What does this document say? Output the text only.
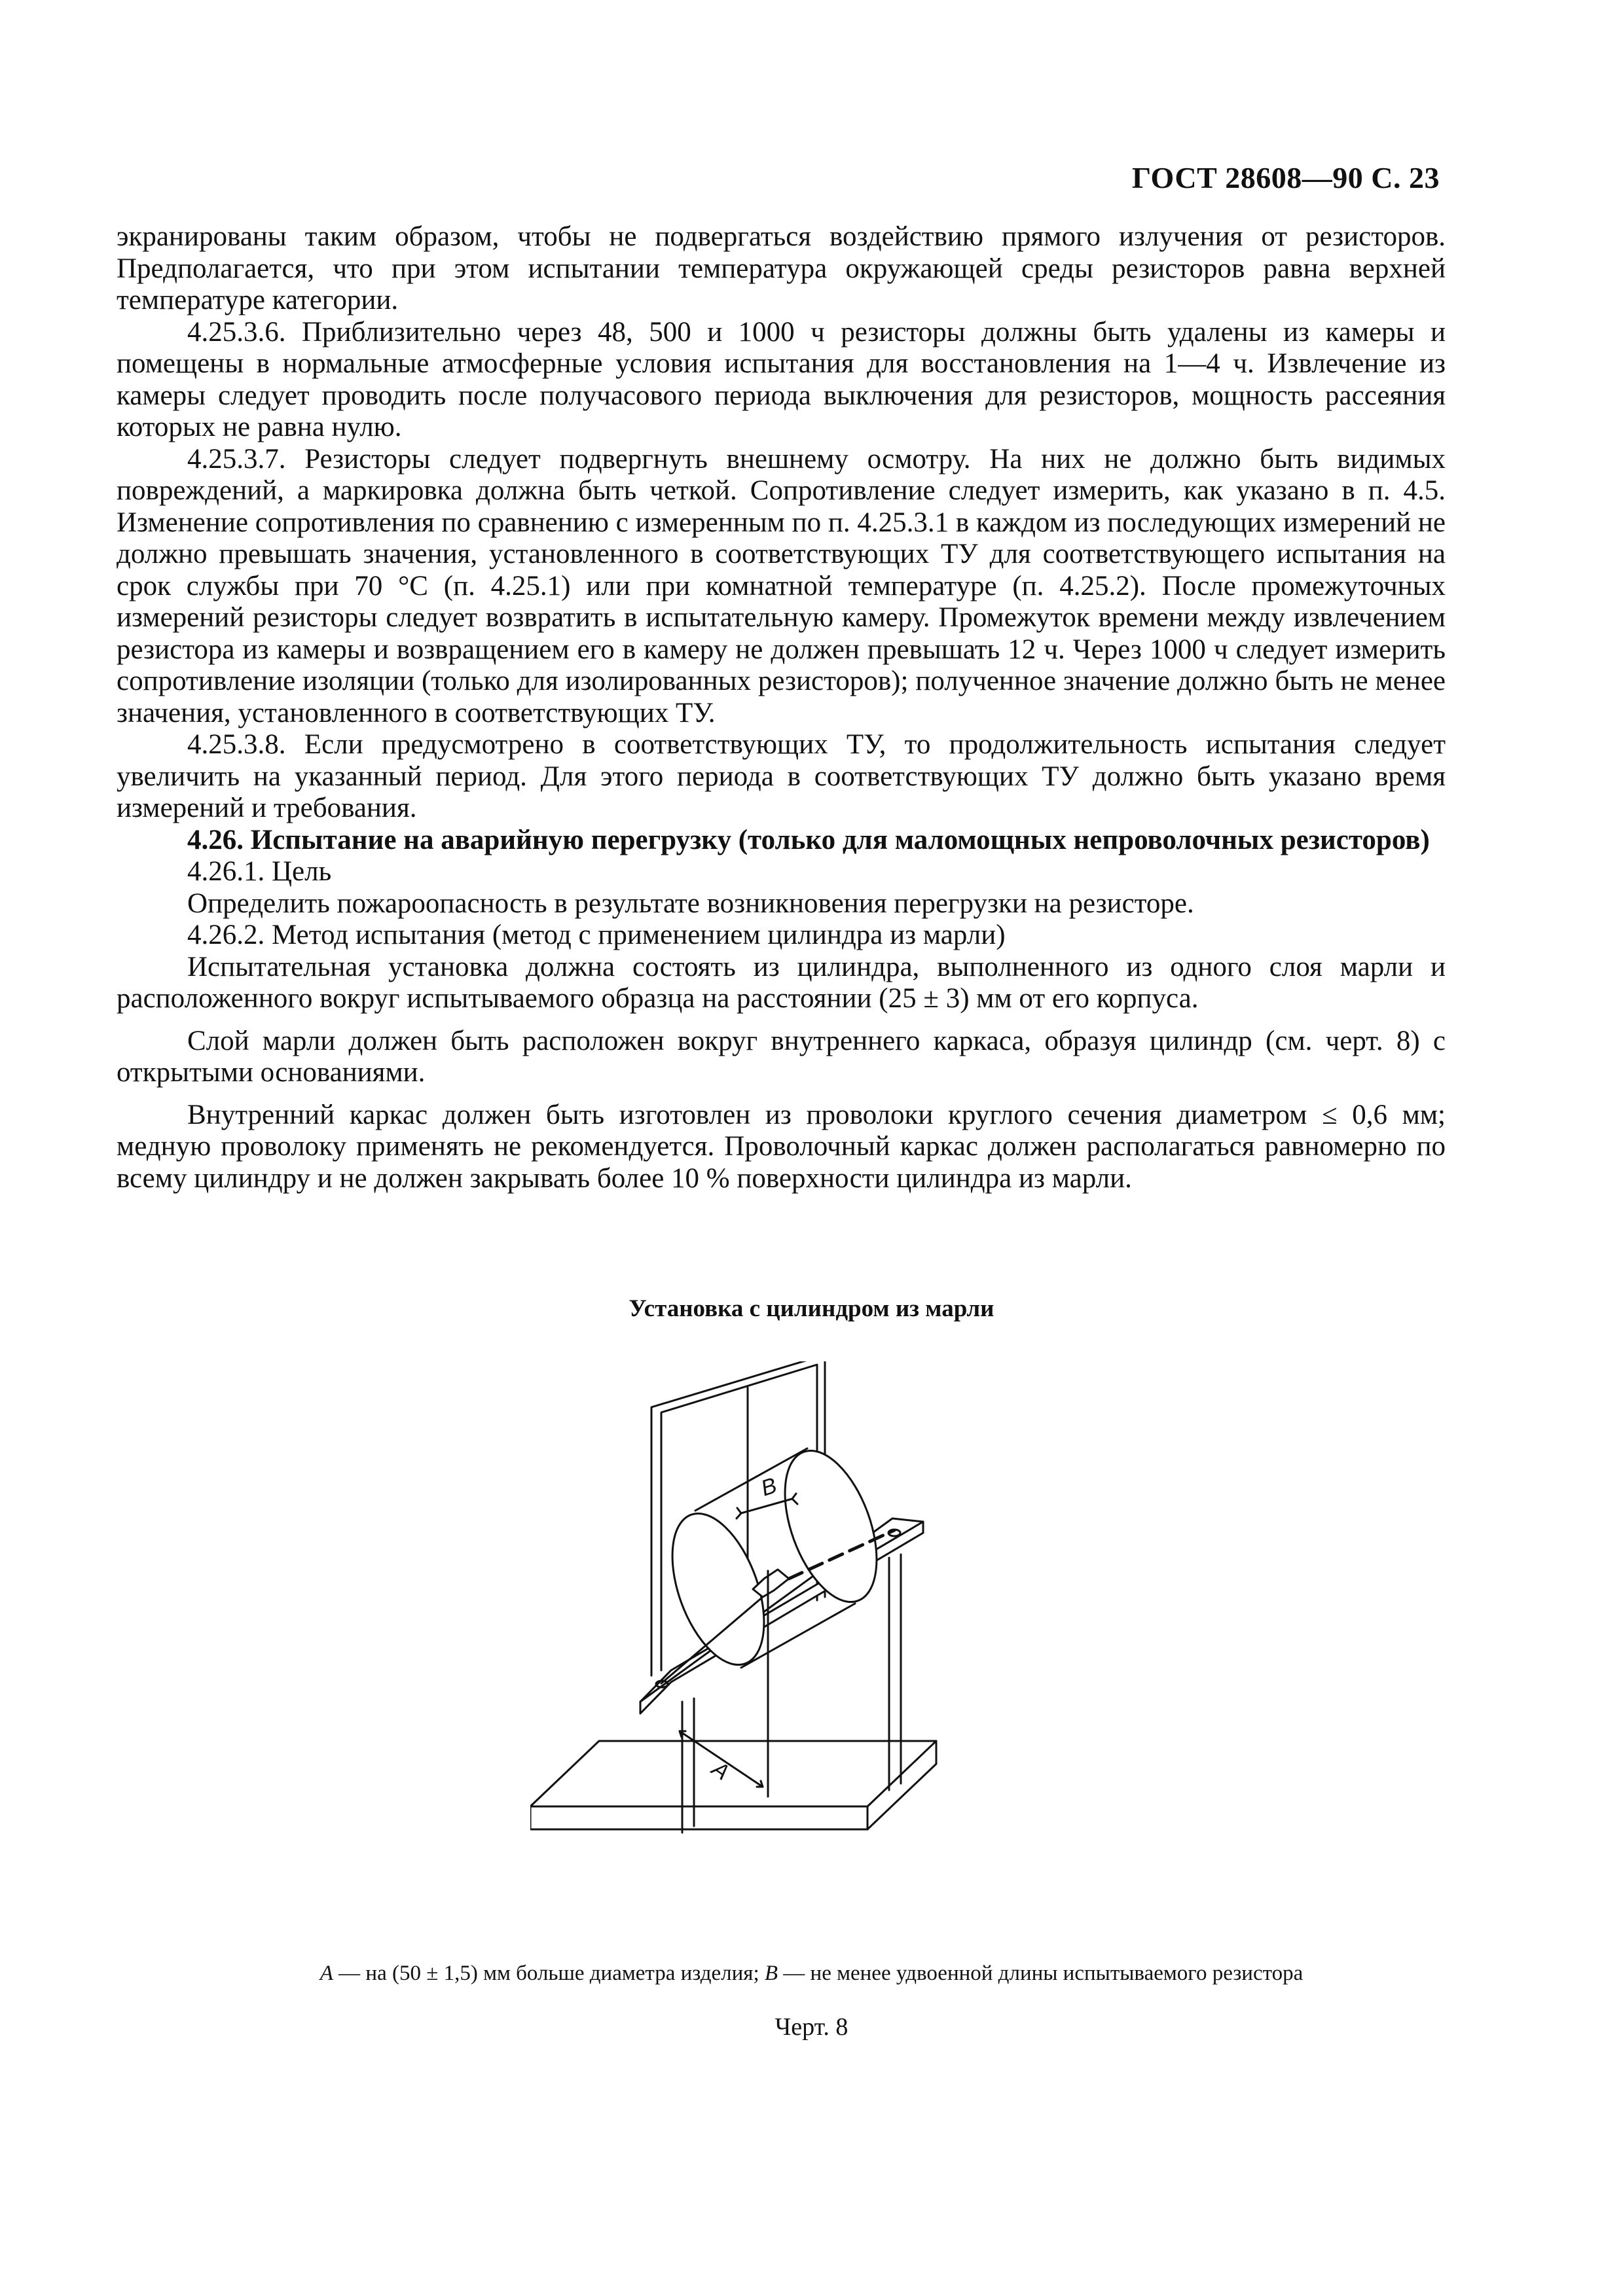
ГОСТ 28608—90 С. 23

экранированы таким образом, чтобы не подвергаться воздействию прямого излучения от резисторов. Предполагается, что при этом испытании температура окружающей среды резисторов равна верхней температуре категории.

4.25.3.6. Приблизительно через 48, 500 и 1000 ч резисторы должны быть удалены из камеры и помещены в нормальные атмосферные условия испытания для восстановления на 1—4 ч. Извлечение из камеры следует проводить после получасового периода выключения для резисторов, мощность рассеяния которых не равна нулю.

4.25.3.7. Резисторы следует подвергнуть внешнему осмотру. На них не должно быть видимых повреждений, а маркировка должна быть четкой. Сопротивление следует измерить, как указано в п. 4.5. Изменение сопротивления по сравнению с измеренным по п. 4.25.3.1 в каждом из последующих измерений не должно превышать значения, установленного в соответствующих ТУ для соответствующего испытания на срок службы при 70 °С (п. 4.25.1) или при комнатной температуре (п. 4.25.2). После промежуточных измерений резисторы следует возвратить в испытательную камеру. Промежуток времени между извлечением резистора из камеры и возвращением его в камеру не должен превышать 12 ч. Через 1000 ч следует измерить сопротивление изоляции (только для изолированных резисторов); полученное значение должно быть не менее значения, установленного в соответствующих ТУ.

4.25.3.8. Если предусмотрено в соответствующих ТУ, то продолжительность испытания следует увеличить на указанный период. Для этого периода в соответствующих ТУ должно быть указано время измерений и требования.

4.26. Испытание на аварийную перегрузку (только для маломощных непроволочных резисторов)

4.26.1. Цель

Определить пожароопасность в результате возникновения перегрузки на резисторе.

4.26.2. Метод испытания (метод с применением цилиндра из марли)

Испытательная установка должна состоять из цилиндра, выполненного из одного слоя марли и расположенного вокруг испытываемого образца на расстоянии (25 ± 3) мм от его корпуса.

Слой марли должен быть расположен вокруг внутреннего каркаса, образуя цилиндр (см. черт. 8) с открытыми основаниями.

Внутренний каркас должен быть изготовлен из проволоки круглого сечения диаметром ≤ 0,6 мм; медную проволоку применять не рекомендуется. Проволочный каркас должен располагаться равномерно по всему цилиндру и не должен закрывать более 10 % поверхности цилиндра из марли.

Установка с цилиндром из марли
В
А
А — на (50 ± 1,5) мм больше диаметра изделия; В — не менее удвоенной длины испытываемого резистора
Черт. 8
